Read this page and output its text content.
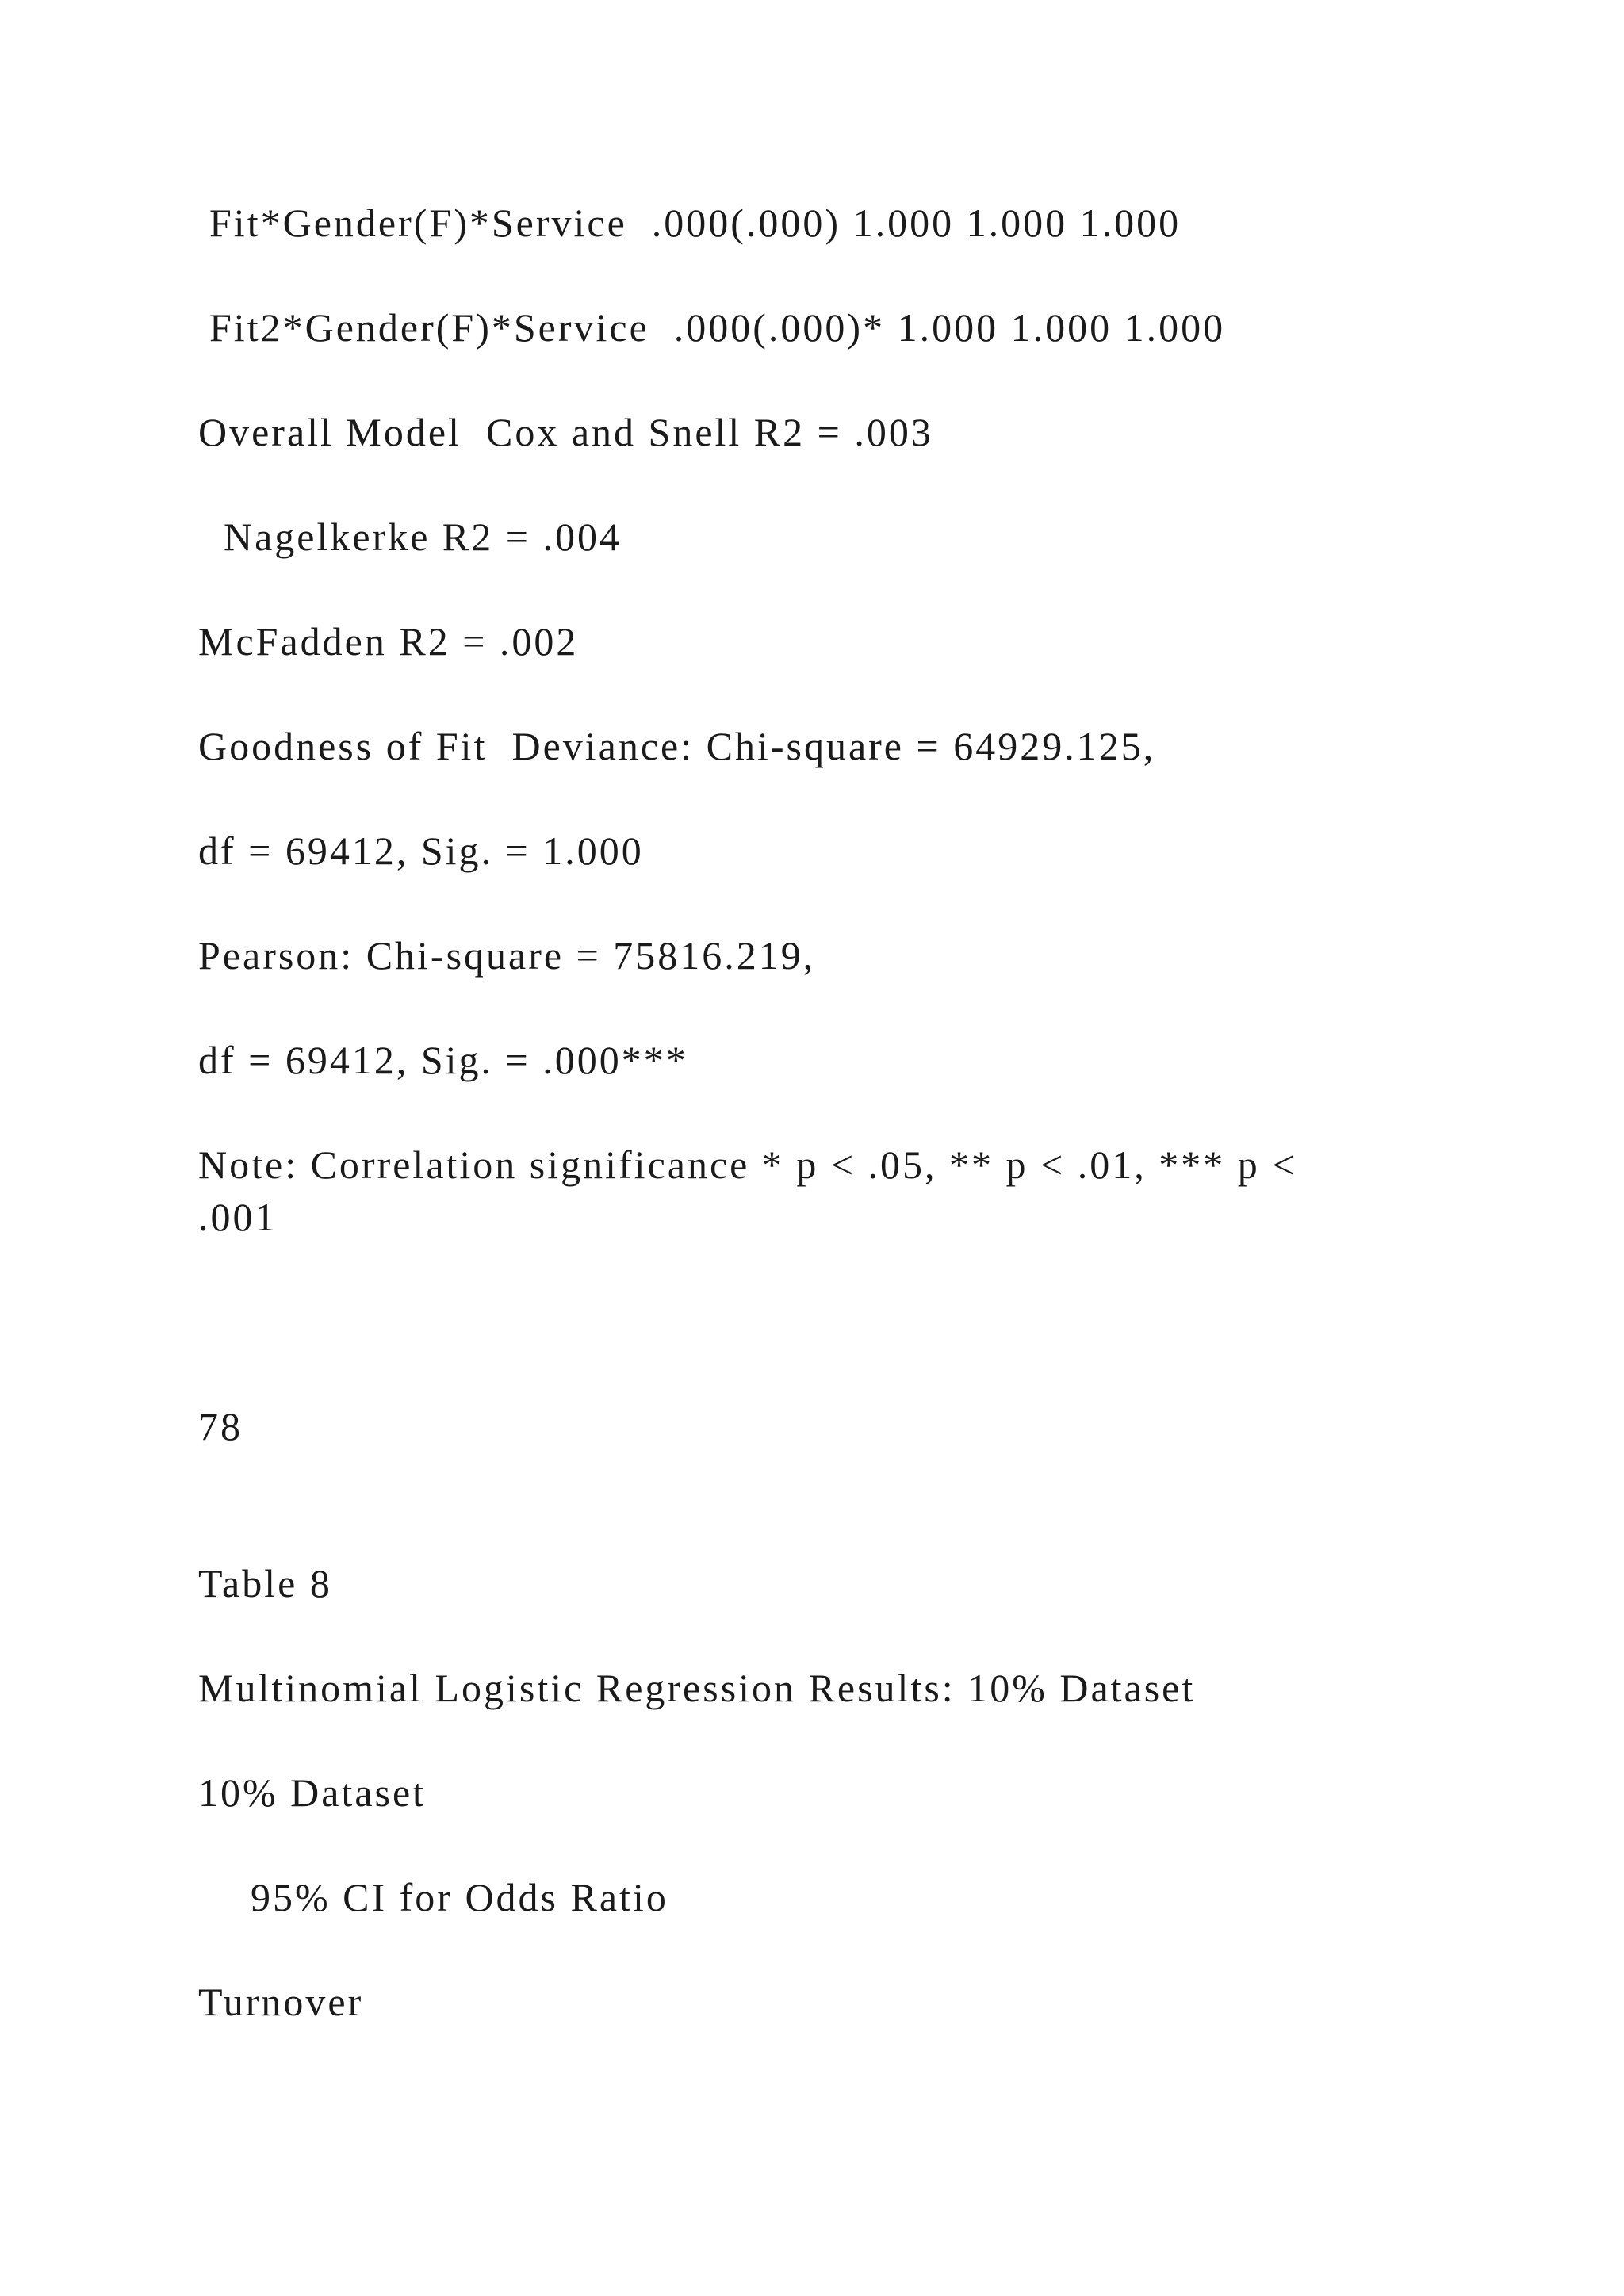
Fit*Gender(F)*Service  .000(.000) 1.000 1.000 1.000

Fit2*Gender(F)*Service  .000(.000)* 1.000 1.000 1.000

Overall Model  Cox and Snell R2 = .003

Nagelkerke R2 = .004

McFadden R2 = .002

Goodness of Fit  Deviance: Chi-square = 64929.125,

df = 69412, Sig. = 1.000

Pearson: Chi-square = 75816.219,

df = 69412, Sig. = .000***

Note: Correlation significance * p < .05, ** p < .01, *** p < .001

78

Table 8

Multinomial Logistic Regression Results: 10% Dataset

10% Dataset

95% CI for Odds Ratio

Turnover
